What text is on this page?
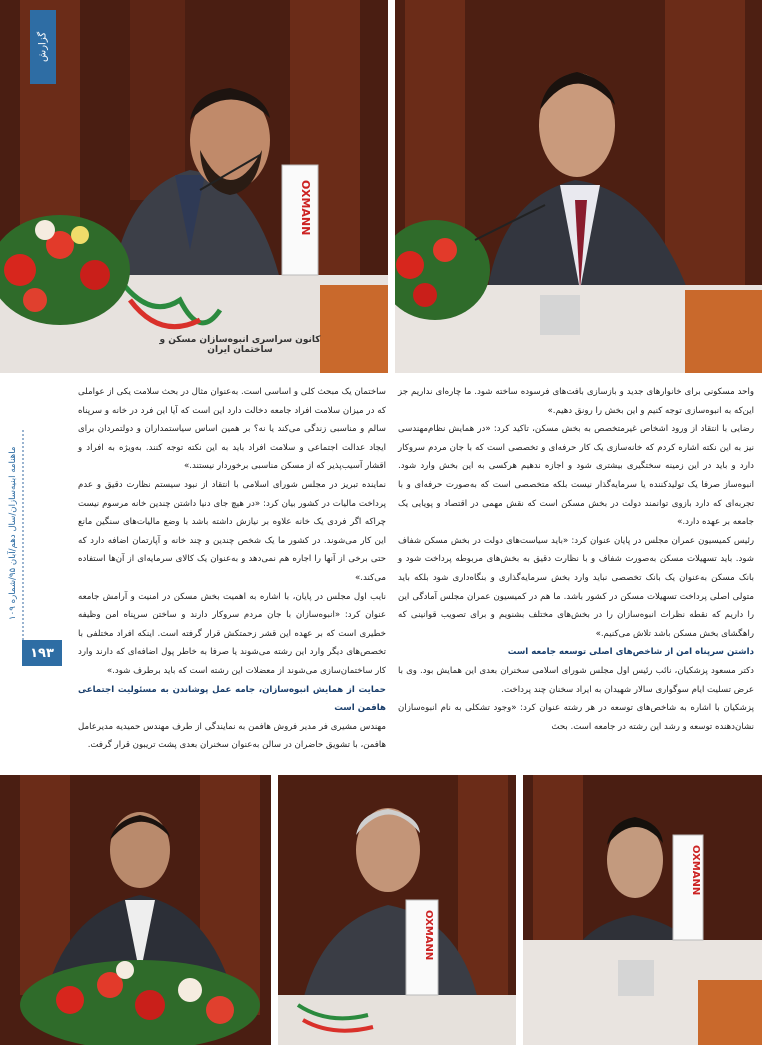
OXMANN
کانون سراسری انبوه‌سازان مسکن و ساختمان ایران
گزارش

واحد مسکونی برای خانوارهای جدید و بازسازی بافت‌های فرسوده ساخته شود. ما چاره‌ای نداریم جز این‌که به انبوه‌سازی توجه کنیم و این بخش را رونق دهیم.»

رضایی با انتقاد از ورود اشخاص غیرمتخصص به بخش مسکن، تاکید کرد: «در همایش نظام‌مهندسی نیز به این نکته اشاره کردم که خانه‌سازی یک کار حرفه‌ای و تخصصی است که با جان مردم سروکار دارد و باید در این زمینه سختگیری بیشتری شود و اجازه ندهیم هرکسی به این بخش وارد شود. انبوه‌ساز صرفا یک تولیدکننده یا سرمایه‌گذار نیست بلکه متخصصی است که به‌صورت حرفه‌ای و با تجربه‌ای که دارد بازوی توانمند دولت در بخش مسکن است که نقش مهمی در اقتصاد و پویایی یک جامعه بر عهده دارد.»

رئیس کمیسیون عمران مجلس در پایان عنوان کرد: «باید سیاست‌های دولت در بخش مسکن شفاف شود. باید تسهیلات مسکن به‌صورت شفاف و با نظارت دقیق به بخش‌های مربوطه پرداخت شود و بانک مسکن به‌عنوان یک بانک تخصصی نباید وارد بخش سرمایه‌گذاری و بنگاه‌داری شود بلکه باید متولی اصلی پرداخت تسهیلات مسکن در کشور باشد. ما هم در کمیسیون عمران مجلس آمادگی این را داریم که نقطه نظرات انبوه‌سازان را در بخش‌های مختلف بشنویم و برای تصویب قوانینی که راهگشای بخش مسکن باشد تلاش می‌کنیم.»

داشتن سرپناه امن از شاخص‌های اصلی توسعه جامعه است

دکتر مسعود پزشکیان، نائب رئیس اول مجلس شورای اسلامی سخنران بعدی این همایش بود. وی با عرض تسلیت ایام سوگواری سالار شهیدان به ایراد سخنان چند پرداخت.

پزشکیان با اشاره به شاخص‌های توسعه در هر رشته عنوان کرد: «وجود تشکلی به نام انبوه‌سازان نشان‌دهنده توسعه و رشد این رشته در جامعه است. بحث

ساختمان یک مبحث کلی و اساسی است. به‌عنوان مثال در بحث سلامت یکی از عواملی که در میزان سلامت افراد جامعه دخالت دارد این است که آیا این فرد در خانه و سرپناه سالم و مناسبی زندگی می‌کند یا نه؟ بر همین اساس سیاستمداران و دولتمردان برای ایجاد عدالت اجتماعی و سلامت افراد باید به این نکته توجه کنند. به‌ویژه به افراد و اقشار آسیب‌پذیر که از مسکن مناسبی برخوردار نیستند.»

نماینده تبریز در مجلس شورای اسلامی با انتقاد از نبود سیستم نظارت دقیق و عدم پرداخت مالیات در کشور بیان کرد: «در هیچ جای دنیا داشتن چندین خانه مرسوم نیست چراکه اگر فردی یک خانه علاوه بر نیازش داشته باشد با وضع مالیات‌های سنگین مانع این کار می‌شوند. در کشور ما یک شخص چندین و چند خانه و آپارتمان اضافه دارد که حتی برخی از آنها را اجاره هم نمی‌دهد و به‌عنوان یک کالای سرمایه‌ای از آن‌ها استفاده می‌کند.»

نایب اول مجلس در پایان، با اشاره به اهمیت بخش مسکن در امنیت و آرامش جامعه عنوان کرد: «انبوه‌سازان با جان مردم سروکار دارند و ساختن سرپناه امن وظیفه خطیری است که بر عهده این قشر زحمتکش قرار گرفته است. اینکه افراد مختلفی با تخصص‌های دیگر وارد این رشته می‌شوند یا صرفا به خاطر پول اضافه‌ای که دارند وارد کار ساختمان‌سازی می‌شوند از معضلات این رشته است که باید برطرف شود.»

حمایت از همایش انبوه‌سازان، جامه عمل پوشاندن به مسئولیت اجتماعی هافمن است

مهندس مشیری فر مدیر فروش هافمن به نمایندگی از طرف مهندس حمیدیه مدیرعامل هافمن، با تشویق حاضران در سالن به‌عنوان سخنران بعدی پشت تریبون قرار گرفت.

ماهنامه ابنیه‌سازان/سال دهم/آبان ۹۵/شماره ۱۰۹
۱۹۳
OXMANN
OXMANN
